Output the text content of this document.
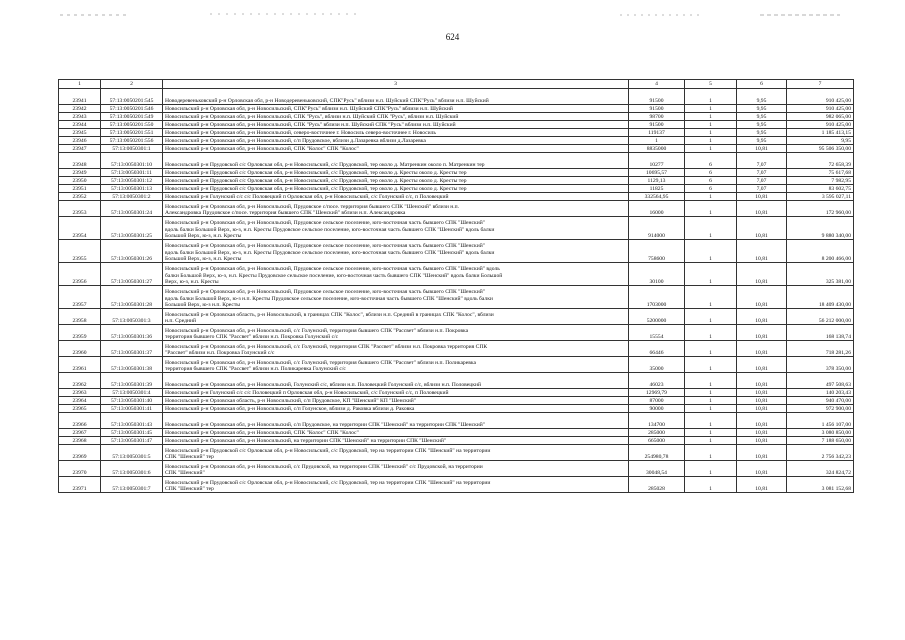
624
1	2	3	4	5	6	7
23941	57:13:0050201:545	Новодеревеньковский р-н Орловская обл, р-н Новодеревеньковский, СПК"Русь" вблизи н.п. Шуйский СПК"Русь" вблизи н.п. Шуйский	91500	1	9,95	910 425,00
23942	57:13:0050201:546	Новосильский р-н Орловская обл, р-н Новосильский, СПК"Русь" вблизи н.п. Шуйский СПК"Русь" вблизи н.п. Шуйский	91500	1	9,95	910 425,00
23943	57:13:0050201:549	Новосильский р-н Орловская обл, р-н Новосильский, СПК "Русь", вблизи н.п. Шуйский СПК "Русь", вблизи н.п. Шуйский	98700	1	9,95	982 065,00
23944	57:13:0050201:550	Новосильский р-н Орловская обл, р-н Новосильский, СПК "Русь" вблизи н.п. Шуйский СПК "Русь" вблизи н.п. Шуйский	91500	1	9,95	910 425,00
23945	57:13:0050201:551	Новосильский р-н Орловская обл, р-н Новосильский, северо-восточнее г. Новосиль северо-восточнее г. Новосиль	119137	1	9,95	1 185 413,15
23946	57:13:0050201:556	Новосильский р-н Орловская обл, р-н Новосильский, с/п Прудовское, вблизи д.Лазаревка вблизи д.Лазаревка	1	1	9,95	9,95
23947	57:13:0050301:1	Новосильский р-н Орловская обл, р-н Новосильский, СПК "Колос" СПК "Колос"	8835000	1	10,81	95 506 350,00
23948	57:13:0050301:10	Новосильский р-н Прудовской с/с Орловская обл, р-н Новосильский, с/с Прудовской, тер около д. Матренкин около п. Матренкин тер	10277	6	7,07	72 658,39
23949	57:13:0050301:11	Новосильский р-н Прудовской с/с Орловская обл, р-н Новосильский, с/с Прудовской, тер около д. Кресты около д. Кресты тер	10695,57	6	7,07	75 617,68
23950	57:13:0050301:12	Новосильский р-н Прудовской с/с Орловская обл, р-н Новосильский, с/с Прудовской, тер около д. Кресты около д. Кресты тер	1129,13	6	7,07	7 982,95
23951	57:13:0050301:13	Новосильский р-н Прудовской с/с Орловская обл, р-н Новосильский, с/с Прудовской, тер около д. Кресты около д. Кресты тер	11825	6	7,07	83 602,75
23952	57:13:0050301:2	Новосильский р-н Голунский с/с с/с Половецкий п Орловская обл, р-н Новосильский, с/с Голунский с/с, п Половецкий	332564,95	1	10,81	3 595 027,11
23953	57:13:0050301:24	Новосильский р-н Орловская обл, р-н Новосильский, Прудовское с/посе. территория бывшего СПК "Шенский" вблизи н.п.
Александровка Прудовское с/посе. территория бывшего СПК "Шенский" вблизи н.п. Александровка	16000	1	10,81	172 960,00
23954	57:13:0050301:25	Новосильский р-н Орловская обл, р-н Новосильский, Прудовское сельское поселение, юго-восточная часть бывшего СПК "Шенский"
вдоль балки Большой Верх, ю-з, н.п. Кресты Прудовское сельское поселение, юго-восточная часть бывшего СПК "Шенский" вдоль балки
Большой Верх, ю-з, н.п. Кресты	914000	1	10,81	9 880 340,00
23955	57:13:0050301:26	Новосильский р-н Орловская обл, р-н Новосильский, Прудовское сельское поселение, юго-восточная часть бывшего СПК "Шенский"
вдоль балки Большой Верх, ю-з, н.п. Кресты Прудовское сельское поселение, юго-восточная часть бывшего СПК "Шенский" вдоль балки
Большой Верх, ю-з, н.п. Кресты	758600	1	10,81	8 200 466,00
23956	57:13:0050301:27	Новосильский р-н Орловская обл, р-н Новосильский, Прудовское сельское поселение, юго-восточная часть бывшего СПК "Шенский" вдоль
балки Большой Верх, ю-з, н.п. Кресты Прудовское сельское поселение, юго-восточная часть бывшего СПК "Шенский" вдоль балки Большой
Верх, ю-з, н.п. Кресты	30100	1	10,81	325 381,00
23957	57:13:0050301:28	Новосильский р-н Орловская обл, р-н Новосильский, Прудовское сельское поселение, юго-восточная часть бывшего СПК "Шенский"
вдоль балки Большой Верх, ю-з н.п. Кресты Прудовское сельское поселение, юго-восточная часть бывшего СПК "Шенский" вдоль балки
Большой Верх, ю-з н.п. Кресты	1703000	1	10,81	18 409 430,00
23958	57:13:0050301:3	Новосильский р-н Орловская область, р-н Новосильский, в границах СПК "Колос", вблизи н.п. Средний в границах СПК "Колос", вблизи
н.п. Средний	5200000	1	10,81	56 212 000,00
23959	57:13:0050301:36	Новосильский р-н Орловская обл, р-н Новосильский, с/с Голунский, территория бывшего СПК "Рассвет" вблизи н.п. Покровка
территория бывшего СПК "Рассвет" вблизи н.п. Покровка Голунский с/с	15554	1	10,81	168 138,74
23960	57:13:0050301:37	Новосильский р-н Орловская обл, р-н Новосильский, с/с Голунский, территория СПК "Рассвет" вблизи н.п. Покровка территория СПК
"Рассвет" вблизи н.п. Покровка Голунский с/с	66446	1	10,81	718 281,26
23961	57:13:0050301:38	Новосильский р-н Орловская обл, р-н Новосильский, с/с Голунский, территория бывшего СПК "Рассвет" вблизи н.п. Поликаревка
территория бывшего СПК "Рассвет" вблизи н.п. Поликаревка Голунский с/с	35000	1	10,81	378 350,00
23962	57:13:0050301:39	Новосильский р-н Орловская обл, р-н Новосильский, Голунский с/с, вблизи н.п. Половецкий Голунский с/с, вблизи н.п. Половецкий	46023	1	10,81	497 508,63
23963	57:13:0050301:4	Новосильский р-н Голунский с/с с/с Половецкий п Орловская обл, р-н Новосильский, с/с Голунский с/с, п Половецкий	12969,79	1	10,81	140 203,43
23964	57:13:0050301:40	Новосильский р-н Орловская область, р-н Новосильский, с/п Прудовское, КП "Шенский" КП "Шенский"	87000	1	10,81	940 470,00
23965	57:13:0050301:41	Новосильский р-н Орловская обл, р-н Новосильский, с/п Голунское, вблизи д. Раковка вблизи д. Раковка	90000	1	10,81	972 900,00
23966	57:13:0050301:43	Новосильский р-н Орловская обл, р-н Новосильский, с/п Прудовское, на территории СПК "Шенский" на территории СПК "Шенский"	134700	1	10,81	1 456 107,00
23967	57:13:0050301:45	Новосильский р-н Орловская обл, р-н Новосильский, СПК "Колос" СПК "Колос"	285000	1	10,81	3 080 850,00
23968	57:13:0050301:47	Новосильский р-н Орловская обл, р-н Новосильский, на территории СПК "Шенский" на территории СПК "Шенский"	665000	1	10,81	7 188 650,00
23969	57:13:0050301:5	Новосильский р-н Прудовской с/с Орловская обл, р-н Новосильский, с/с Прудовской, тер на территории СПК "Шенский" на территории
СПК "Шенский" тер	254980,78	1	10,81	2 756 342,23
23970	57:13:0050301:6	Новосильский р-н Орловская обл, р-н Новосильский, с/с Прудовской, на территории СПК "Шенский" с/с Прудовской, на территории
СПК "Шенский"	30048,54	1	10,81	324 824,72
23971	57:13:0050301:7	Новосильский р-н Прудовской с/с Орловская обл, р-н Новосильский, с/с Прудовской, тер на территории СПК "Шенский" на территории
СПК "Шенский" тер	285028	1	10,81	3 081 152,68
